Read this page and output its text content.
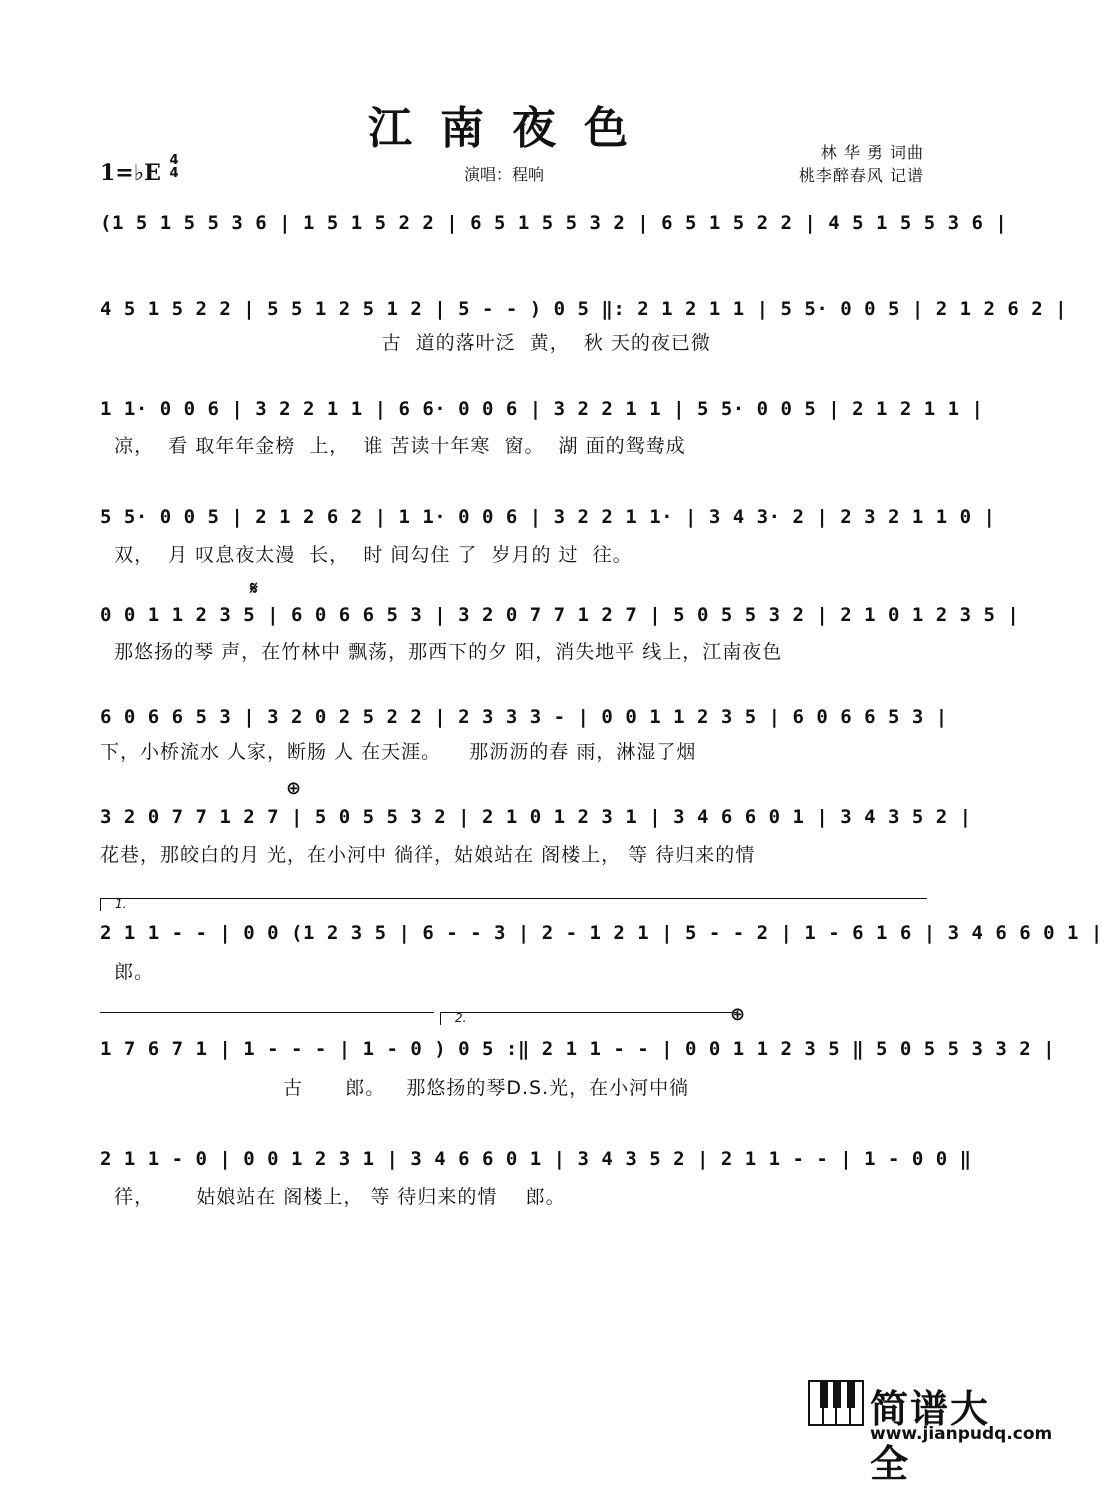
江南夜色
1=♭E 4
4	演唱：程响
林 华 勇 词曲
桃李醉春风 记谱
(1 5 1 5 5 3 6 | 1 5 1 5 2 2 | 6 5 1 5 5 3 2 | 6 5 1 5 2 2 | 4 5 1 5 5 3 6 |
4 5 1 5 2 2 | 5 5 1 2 5 1 2 | 5 - - ) 0 5 ‖: 2 1 2 1 1 | 5 5· 0 0 5 | 2 1 2 6 2 |
古  道的落叶泛  黄，  秋 天的夜已微
1 1· 0 0 6 | 3 2 2 1 1 | 6 6· 0 0 6 | 3 2 2 1 1 | 5 5· 0 0 5 | 2 1 2 1 1 |
凉，  看 取年年金榜  上，  谁 苦读十年寒  窗。  湖 面的鸳鸯成
5 5· 0 0 5 | 2 1 2 6 2 | 1 1· 0 0 6 | 3 2 2 1 1· | 3 4 3· 2 | 2 3 2 1 1 0 |
双，  月 叹息夜太漫  长，  时 间勾住 了  岁月的 过  往。
𝄋
0 0 1 1 2 3 5 | 6 0 6 6 5 3 | 3 2 0 7 7 1 2 7 | 5 0 5 5 3 2 | 2 1 0 1 2 3 5 |
那悠扬的琴 声，在竹林中 飘荡，那西下的夕 阳，消失地平 线上，江南夜色
6 0 6 6 5 3 | 3 2 0 2 5 2 2 | 2 3 3 3 - | 0 0 1 1 2 3 5 | 6 0 6 6 5 3 |
下，小桥流水 人家，断肠 人 在天涯。    那沥沥的春 雨，淋湿了烟
⊕
3 2 0 7 7 1 2 7 | 5 0 5 5 3 2 | 2 1 0 1 2 3 1 | 3 4 6 6 0 1 | 3 4 3 5 2 |
花巷，那皎白的月 光，在小河中 徜徉，姑娘站在 阁楼上， 等 待归来的情
1.
2 1 1 - - | 0 0 (1 2 3 5 | 6 - - 3 | 2 - 1 2 1 | 5 - - 2 | 1 - 6 1 6 | 3 4 6 6 0 1 |
郎。
2.	⊕
1 7 6 7 1 | 1 - - - | 1 - 0 ) 0 5 :‖ 2 1 1 - - | 0 0 1 1 2 3 5 ‖ 5 0 5 5 3 3 2 |
古      郎。   那悠扬的琴D.S.光，在小河中徜
2 1 1 - 0 | 0 0 1 2 3 1 | 3 4 6 6 0 1 | 3 4 3 5 2 | 2 1 1 - - | 1 - 0 0 ‖
徉，      姑娘站在 阁楼上， 等 待归来的情    郎。
简谱大全
www.jianpudq.com
